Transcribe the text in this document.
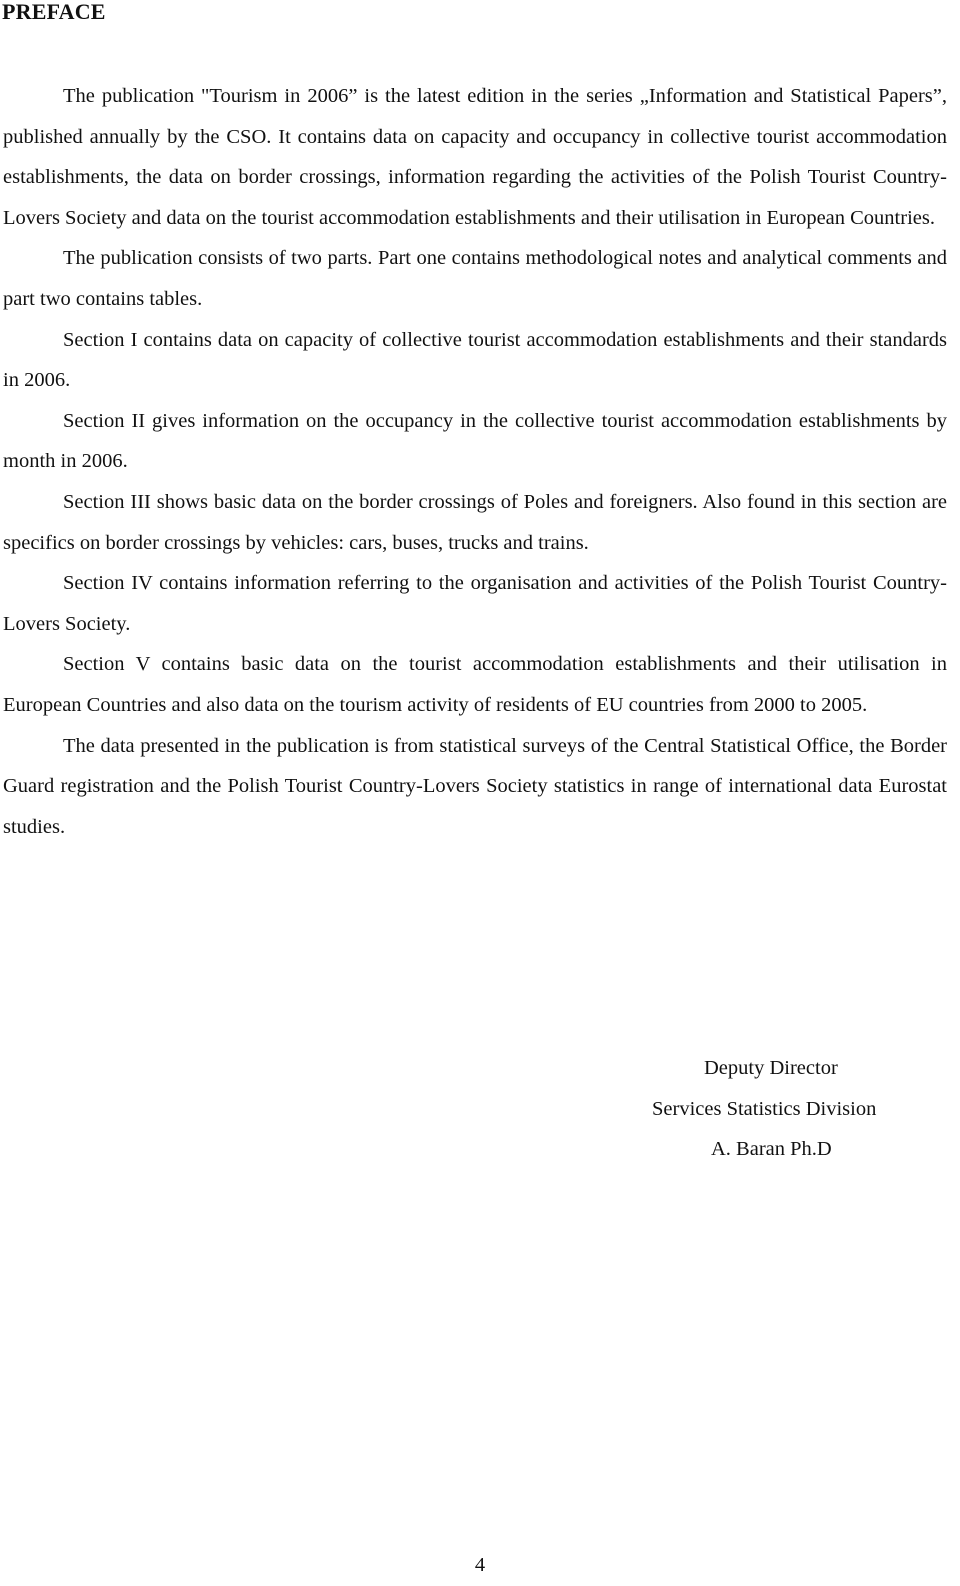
PREFACE

The publication "Tourism in 2006” is the latest edition in the series „Information and Statistical Papers”, published annually by the CSO. It contains data on capacity and occupancy in collective tourist accommodation establishments, the data on border crossings, information regarding the activities of the Polish Tourist Country-Lovers Society and data on the tourist accommodation establishments and their utilisation in European Countries.

The publication consists of two parts. Part one contains methodological notes and analytical comments and part two contains tables.

Section I contains data on capacity of collective tourist accommodation establishments and their standards in 2006.

Section II gives information on the occupancy in the collective tourist accommodation establishments by month in 2006.

Section III shows basic data on the border crossings of Poles and foreigners. Also found in this section are specifics on border crossings by vehicles: cars, buses, trucks and trains.

Section IV contains information referring to the organisation and activities of the Polish Tourist Country-Lovers Society.

Section V contains basic data on the tourist accommodation establishments and their utilisation in European Countries and also data on the tourism activity of residents of EU countries from 2000 to 2005.

The data presented in the publication is from statistical surveys of the Central Statistical Office, the Border Guard registration and the Polish Tourist Country-Lovers Society statistics in range of international data Eurostat studies.

Deputy Director
Services Statistics Division
A. Baran Ph.D
4
